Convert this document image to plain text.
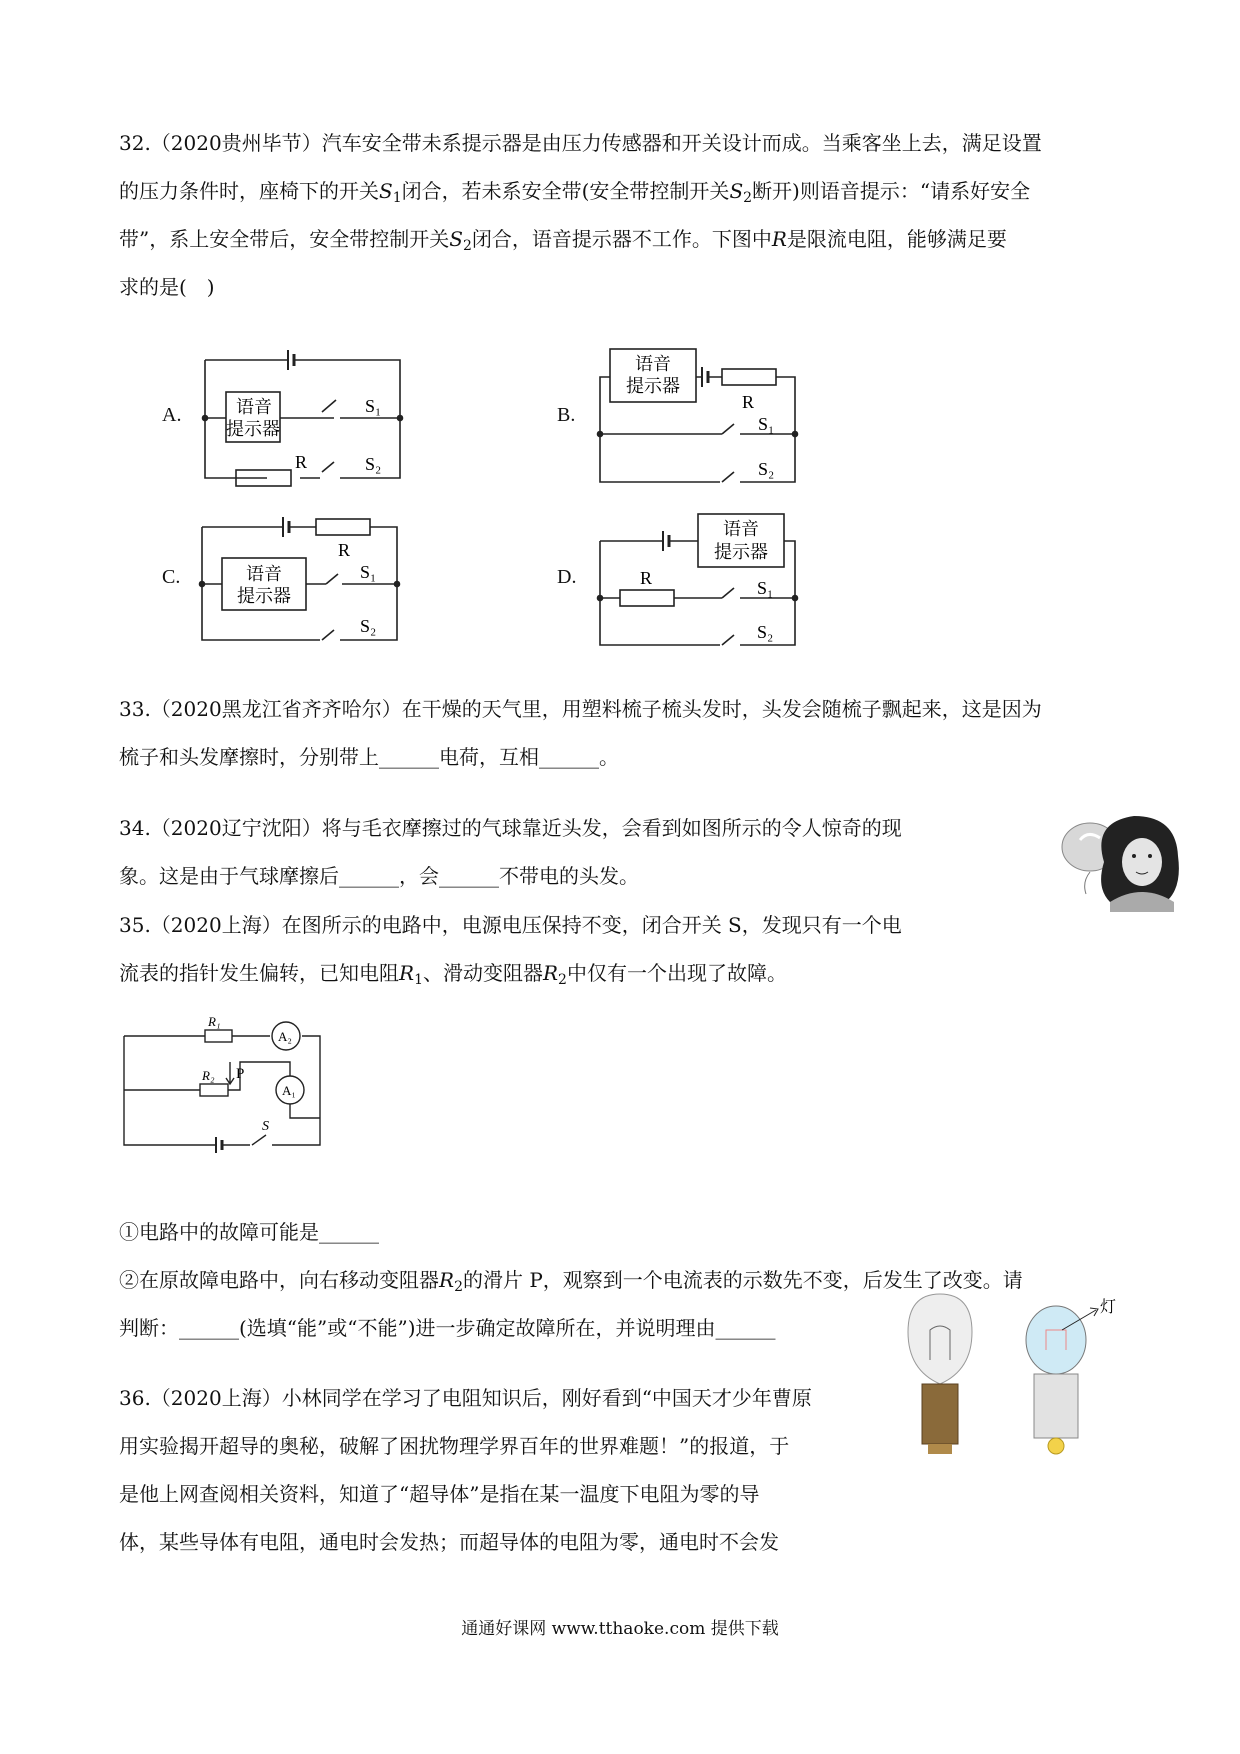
32.（2020贵州毕节）汽车安全带未系提示器是由压力传感器和开关设计而成。当乘客坐上去，满足设置
的压力条件时，座椅下的开关$S_1$闭合，若未系安全带(安全带控制开关$S_2$断开)则语音提示：“请系好安全
带”，系上安全带后，安全带控制开关$S_2$闭合，语音提示器不工作。下图中R是限流电阻，能够满足要
求的是(　)
A.	B.
C.	D.
语音
提示器
R
S₁
S₂
语音
提示器
R
S₁
S₂
语音
提示器
R
S₁
S₂
语音
提示器
R	S₁
S₂
R₁
R₂ P
A₂
A₁
S
灯
33.（2020黑龙江省齐齐哈尔）在干燥的天气里，用塑料梳子梳头发时，头发会随梳子飘起来，这是因为
梳子和头发摩擦时，分别带上______电荷，互相______。
34.（2020辽宁沈阳）将与毛衣摩擦过的气球靠近头发，会看到如图所示的令人惊奇的现
象。这是由于气球摩擦后______，会______不带电的头发。
35.（2020上海）在图所示的电路中，电源电压保持不变，闭合开关 S，发现只有一个电
流表的指针发生偏转，已知电阻$R_1$、滑动变阻器$R_2$中仅有一个出现了故障。
①电路中的故障可能是______
②在原故障电路中，向右移动变阻器$R_2$的滑片 P，观察到一个电流表的示数先不变，后发生了改变。请
判断：______(选填“能”或“不能”)进一步确定故障所在，并说明理由______
36.（2020上海）小林同学在学习了电阻知识后，刚好看到“中国天才少年曹原
用实验揭开超导的奥秘，破解了困扰物理学界百年的世界难题！”的报道，于
是他上网查阅相关资料，知道了“超导体”是指在某一温度下电阻为零的导
体，某些导体有电阻，通电时会发热；而超导体的电阻为零，通电时不会发
通通好课网 www.tthaoke.com 提供下载
